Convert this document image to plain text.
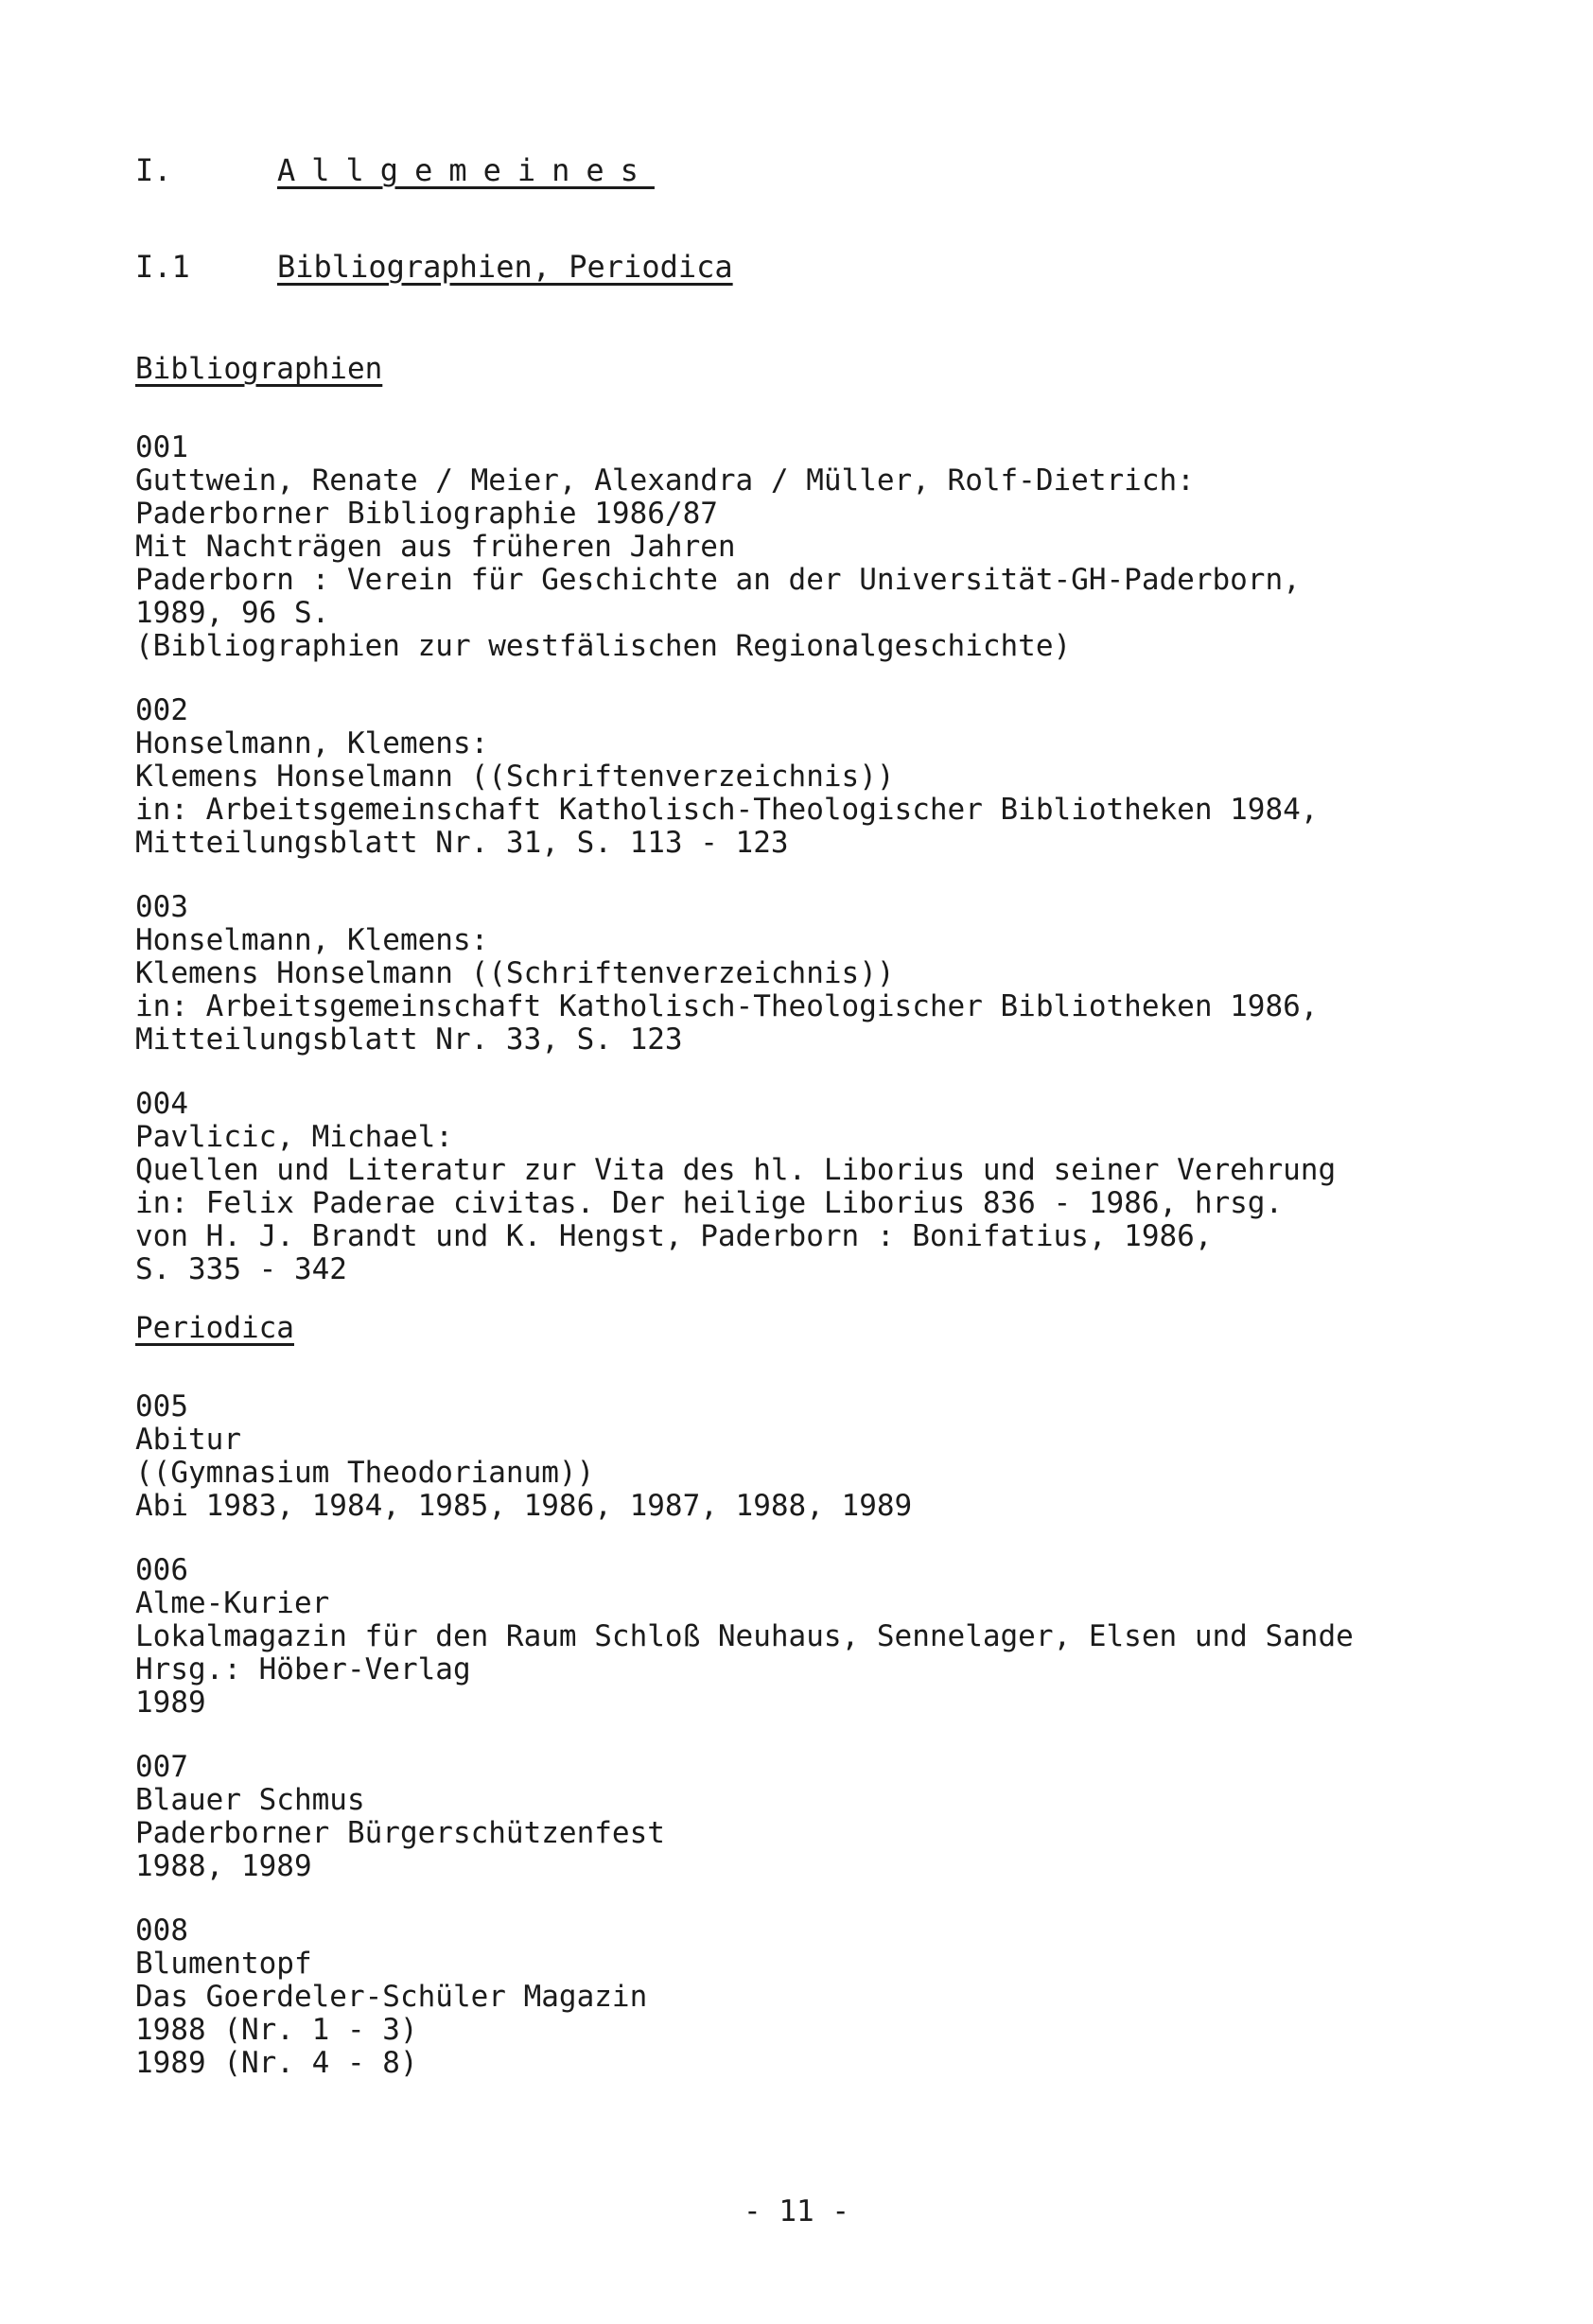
I.	Allgemeines
I.1	Bibliographien, Periodica
Bibliographien
001
Guttwein, Renate / Meier, Alexandra / Müller, Rolf-Dietrich:
Paderborner Bibliographie 1986/87
Mit Nachträgen aus früheren Jahren
Paderborn : Verein für Geschichte an der Universität-GH-Paderborn,
1989, 96 S.
(Bibliographien zur westfälischen Regionalgeschichte)
002
Honselmann, Klemens:
Klemens Honselmann ((Schriftenverzeichnis))
in: Arbeitsgemeinschaft Katholisch-Theologischer Bibliotheken 1984,
Mitteilungsblatt Nr. 31, S. 113 - 123
003
Honselmann, Klemens:
Klemens Honselmann ((Schriftenverzeichnis))
in: Arbeitsgemeinschaft Katholisch-Theologischer Bibliotheken 1986,
Mitteilungsblatt Nr. 33, S. 123
004
Pavlicic, Michael:
Quellen und Literatur zur Vita des hl. Liborius und seiner Verehrung
in: Felix Paderae civitas. Der heilige Liborius 836 - 1986, hrsg.
von H. J. Brandt und K. Hengst, Paderborn : Bonifatius, 1986,
S. 335 - 342
Periodica
005
Abitur
((Gymnasium Theodorianum))
Abi 1983, 1984, 1985, 1986, 1987, 1988, 1989
006
Alme-Kurier
Lokalmagazin für den Raum Schloß Neuhaus, Sennelager, Elsen und Sande
Hrsg.: Höber-Verlag
1989
007
Blauer Schmus
Paderborner Bürgerschützenfest
1988, 1989
008
Blumentopf
Das Goerdeler-Schüler Magazin
1988 (Nr. 1 - 3)
1989 (Nr. 4 - 8)
- 11 -
